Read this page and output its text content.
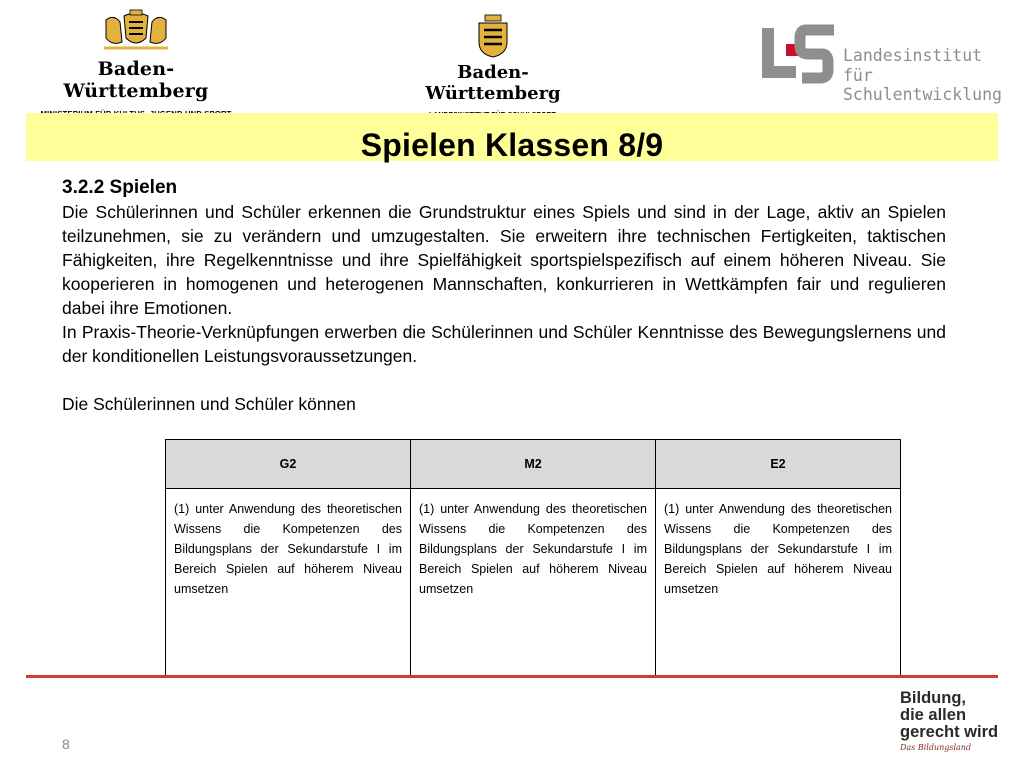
Baden-Württemberg
Baden-Württemberg
Landesinstitut
für Schulentwicklung
Spielen Klassen 8/9
3.2.2 Spielen

Die Schülerinnen und Schüler erkennen die Grundstruktur eines Spiels und sind in der Lage, aktiv an Spielen teilzunehmen, sie zu verändern und umzugestalten. Sie erweitern ihre technischen Fertigkeiten, taktischen Fähigkeiten, ihre Regelkenntnisse und ihre Spielfähigkeit sportspielspezifisch auf einem höheren Niveau. Sie kooperieren in homogenen und heterogenen Mannschaften, konkurrieren in Wettkämpfen fair und regulieren dabei ihre Emotionen.

In Praxis-Theorie-Verknüpfungen erwerben die Schülerinnen und Schüler Kenntnisse des Bewegungslernens und der konditionellen Leistungsvoraussetzungen.

Die Schülerinnen und Schüler können

G2	M2	E2
(1) unter Anwendung des theoretischen Wissens die Kompetenzen des Bildungsplans der Sekundarstufe I im Bereich Spielen auf höherem Niveau umsetzen	(1) unter Anwendung des theoretischen Wissens die Kompetenzen des Bildungsplans der Sekundarstufe I im Bereich Spielen auf höherem Niveau umsetzen	(1) unter Anwendung des theoretischen Wissens die Kompetenzen des Bildungsplans der Sekundarstufe I im Bereich Spielen auf höherem Niveau umsetzen
8
Bildung,
die allen
gerecht wird
Das Bildungsland
